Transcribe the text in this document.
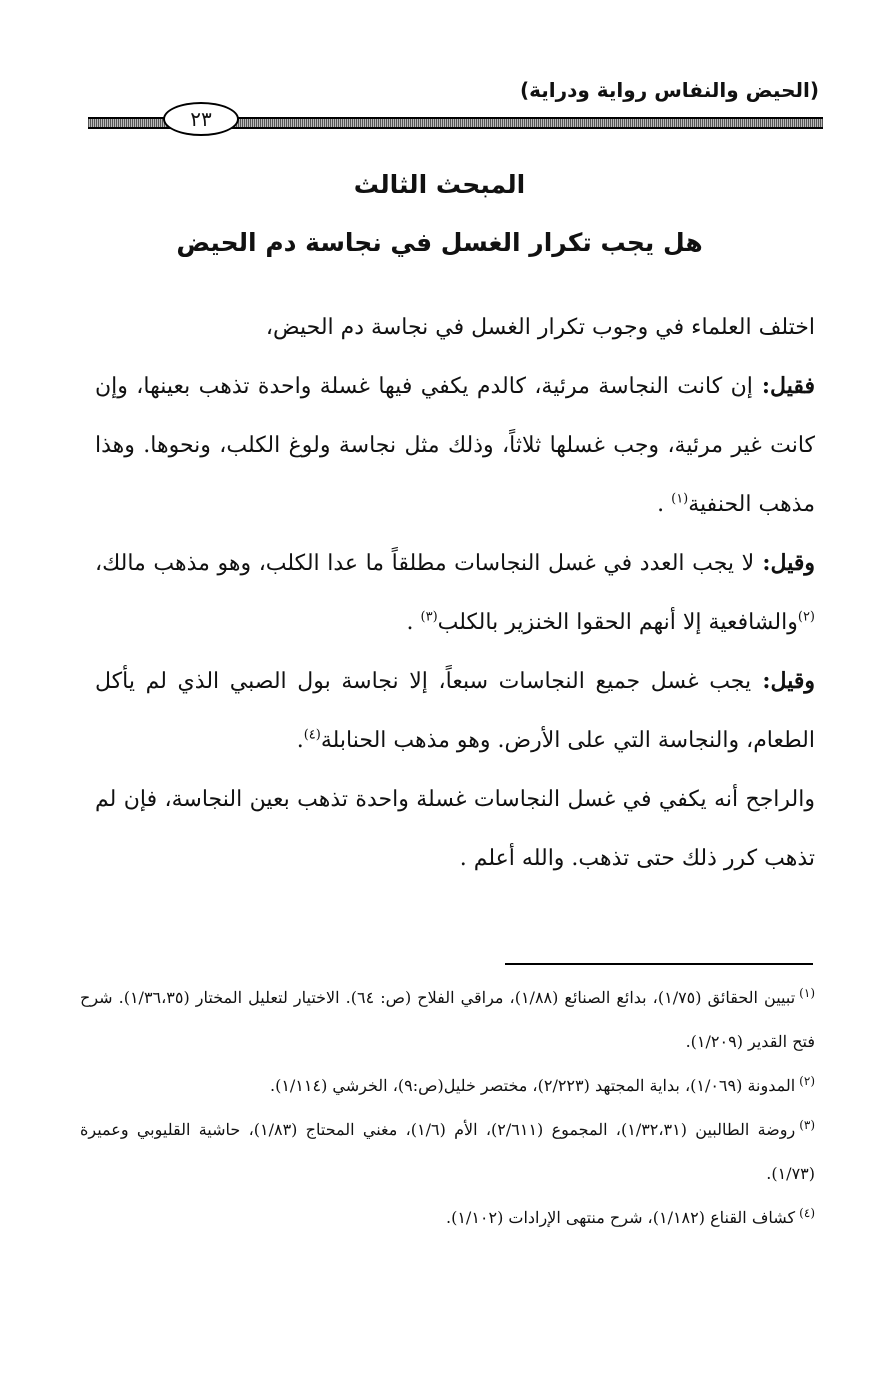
(الحيض والنفاس رواية ودراية)
٢٣
المبحث الثالث
هل يجب تكرار الغسل في نجاسة دم الحيض

اختلف العلماء في وجوب تكرار الغسل في نجاسة دم الحيض،

فقيل: إن كانت النجاسة مرئية، كالدم يكفي فيها غسلة واحدة تذهب بعينها، وإن كانت غير مرئية، وجب غسلها ثلاثاً، وذلك مثل نجاسة ولوغ الكلب، ونحوها. وهذا مذهب الحنفية$^{(١)}$ .

وقيل: لا يجب العدد في غسل النجاسات مطلقاً ما عدا الكلب، وهو مذهب مالك،$^{(٢)}$والشافعية إلا أنهم الحقوا الخنزير بالكلب$^{(٣)}$ .

وقيل: يجب غسل جميع النجاسات سبعاً، إلا نجاسة بول الصبي الذي لم يأكل الطعام، والنجاسة التي على الأرض. وهو مذهب الحنابلة$^{(٤)}$.

والراجح أنه يكفي في غسل النجاسات غسلة واحدة تذهب بعين النجاسة، فإن لم تذهب كرر ذلك حتى تذهب. والله أعلم .

$^{(١)}$تبيين الحقائق (١/٧٥)، بدائع الصنائع (١/٨٨)، مراقي الفلاح (ص: ٦٤). الاختيار لتعليل المختار (١/٣٦،٣٥). شرح فتح القدير (١/٢٠٩).

$^{(٢)}$المدونة (١/٠٦٩)، بداية المجتهد (٢/٢٢٣)، مختصر خليل(ص:٩)، الخرشي (١/١١٤).

$^{(٣)}$روضة الطالبين (١/٣٢،٣١)، المجموع (٢/٦١١)، الأم (١/٦)، مغني المحتاج (١/٨٣)، حاشية القليوبي وعميرة (١/٧٣).

$^{(٤)}$كشاف القناع (١/١٨٢)، شرح منتهى الإرادات (١/١٠٢).
